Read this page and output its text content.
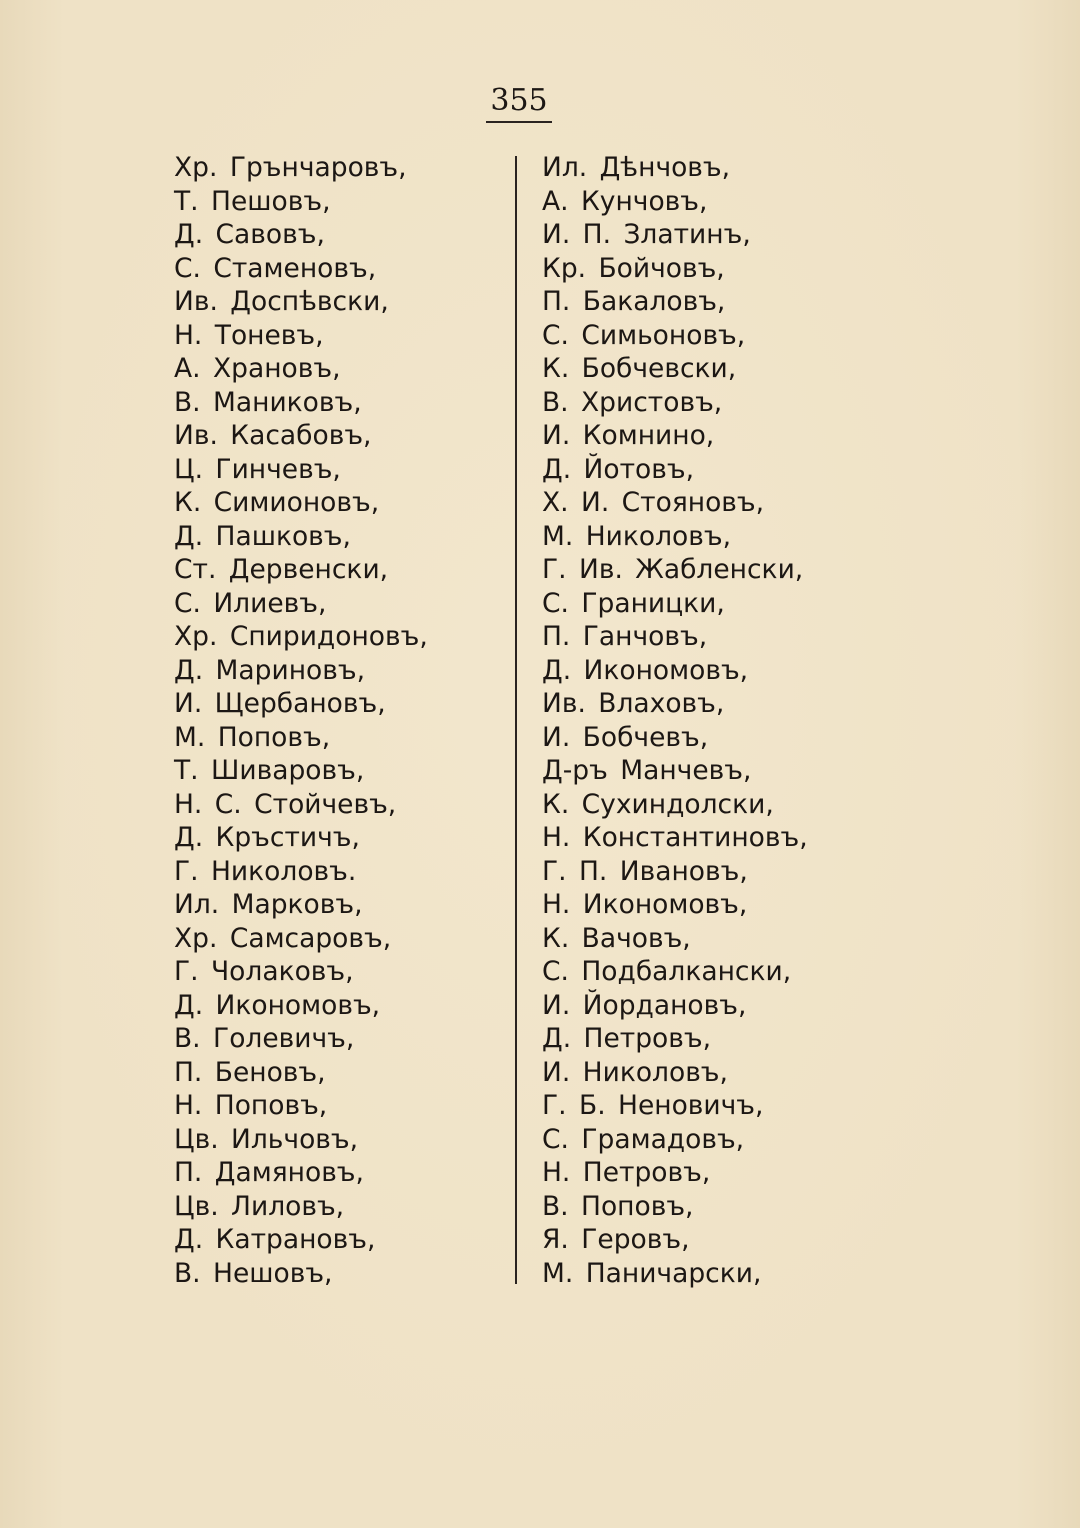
355
Хр. Грънчаровъ,
Т. Пешовъ,
Д. Савовъ,
С. Стаменовъ,
Ив. Доспѣвски,
Н. Тоневъ,
А. Храновъ,
В. Маниковъ,
Ив. Касабовъ,
Ц. Гинчевъ,
К. Симионовъ,
Д. Пашковъ,
Ст. Дервенски,
С. Илиевъ,
Хр. Спиридоновъ,
Д. Мариновъ,
И. Щербановъ,
М. Поповъ,
Т. Шиваровъ,
Н. С. Стойчевъ,
Д. Кръстичъ,
Г. Николовъ.
Ил. Марковъ,
Хр. Самсаровъ,
Г. Чолаковъ,
Д. Икономовъ,
В. Голевичъ,
П. Беновъ,
Н. Поповъ,
Цв. Ильчовъ,
П. Дамяновъ,
Цв. Лиловъ,
Д. Катрановъ,
В. Нешовъ,
Ил. Дѣнчовъ,
А. Кунчовъ,
И. П. Златинъ,
Кр. Бойчовъ,
П. Бакаловъ,
С. Симьоновъ,
К. Бобчевски,
В. Христовъ,
И. Комнино,
Д. Йотовъ,
Х. И. Стояновъ,
М. Николовъ,
Г. Ив. Жабленски,
С. Границки,
П. Ганчовъ,
Д. Икономовъ,
Ив. Влаховъ,
И. Бобчевъ,
Д-ръ Манчевъ,
К. Сухиндолски,
Н. Константиновъ,
Г. П. Ивановъ,
Н. Икономовъ,
К. Вачовъ,
С. Подбалкански,
И. Йордановъ,
Д. Петровъ,
И. Николовъ,
Г. Б. Неновичъ,
С. Грамадовъ,
Н. Петровъ,
В. Поповъ,
Я. Геровъ,
М. Паничарски,
